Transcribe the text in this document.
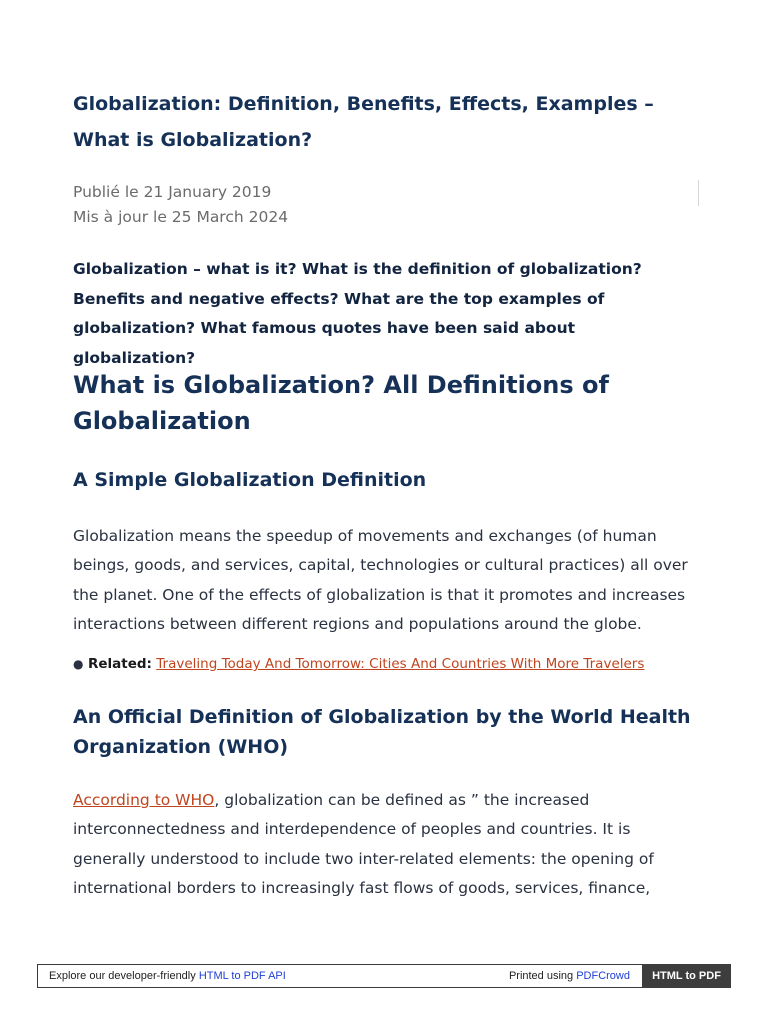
Globalization: Definition, Benefits, Effects, Examples – What is Globalization?
Publié le 21 January 2019
Mis à jour le 25 March 2024

Globalization – what is it? What is the definition of globalization? Benefits and negative effects? What are the top examples of globalization? What famous quotes have been said about globalization?

What is Globalization? All Definitions of Globalization
A Simple Globalization Definition

Globalization means the speedup of movements and exchanges (of human beings, goods, and services, capital, technologies or cultural practices) all over the planet. One of the effects of globalization is that it promotes and increases interactions between different regions and populations around the globe.

● Related: Traveling Today And Tomorrow: Cities And Countries With More Travelers
An Official Definition of Globalization by the World Health Organization (WHO)

According to WHO, globalization can be defined as ” the increased interconnectedness and interdependence of peoples and countries. It is generally understood to include two inter-related elements: the opening of international borders to increasingly fast flows of goods, services, finance,

Explore our developer-friendly HTML to PDF API	Printed using PDFCrowd	HTML to PDF
